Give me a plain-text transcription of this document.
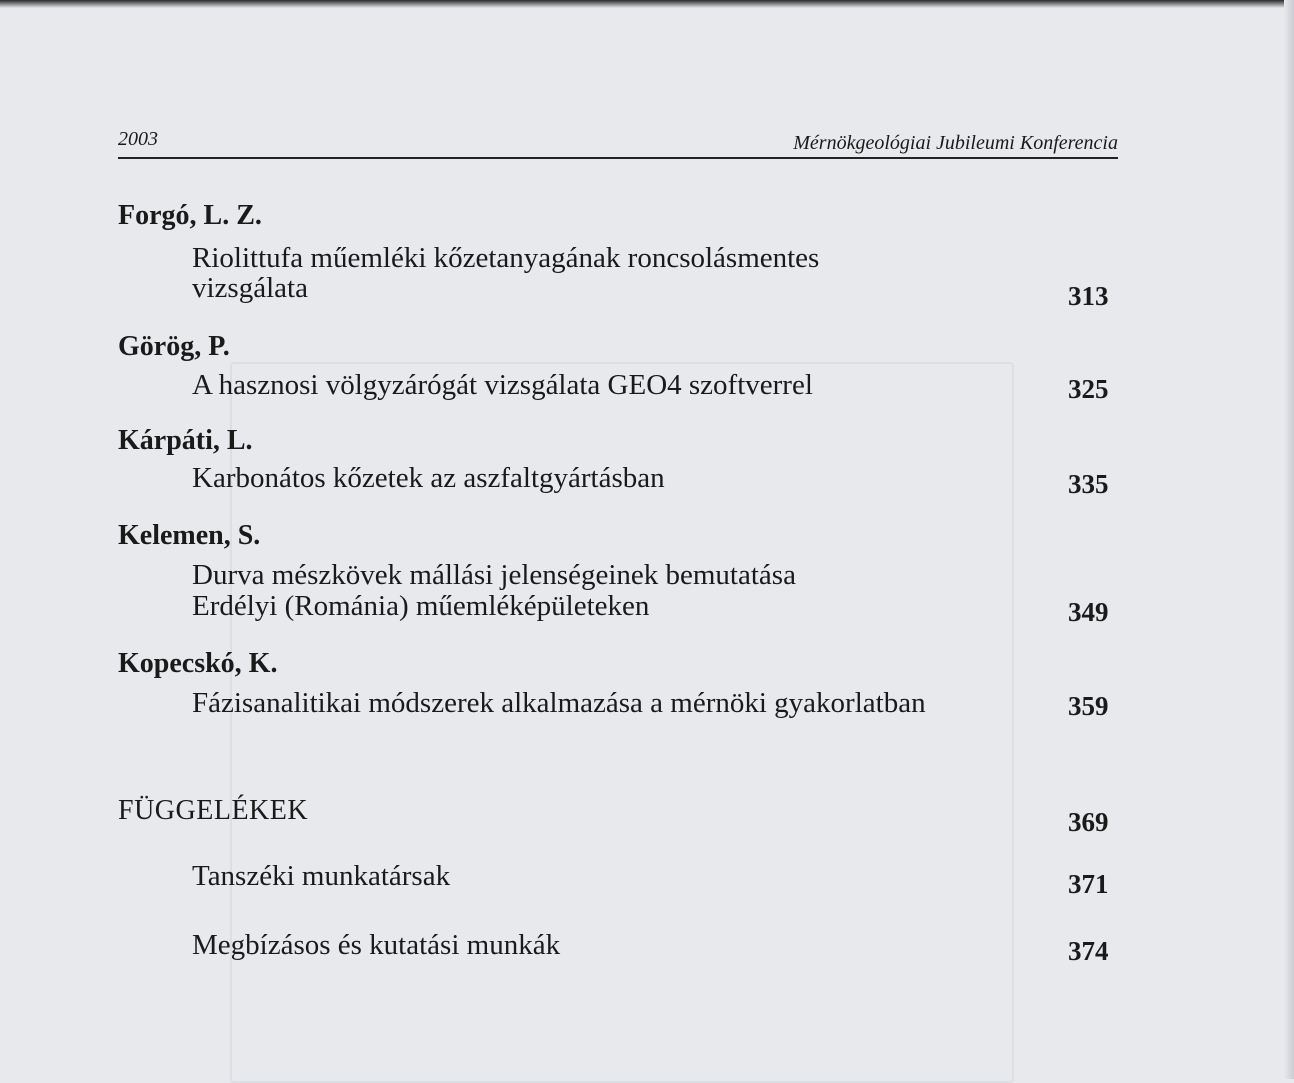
2003	Mérnökgeológiai Jubileumi Konferencia
Forgó, L. Z.
Riolittufa műemléki kőzetanyagának roncsolásmentes
vizsgálata	313
Görög, P.
A hasznosi völgyzárógát vizsgálata GEO4 szoftverrel	325
Kárpáti, L.
Karbonátos kőzetek az aszfaltgyártásban	335
Kelemen, S.
Durva mészkövek mállási jelenségeinek bemutatása
Erdélyi (Románia) műemléképületeken	349
Kopecskó, K.
Fázisanalitikai módszerek alkalmazása a mérnöki gyakorlatban	359
FÜGGELÉKEK	369
Tanszéki munkatársak	371
Megbízásos és kutatási munkák	374
